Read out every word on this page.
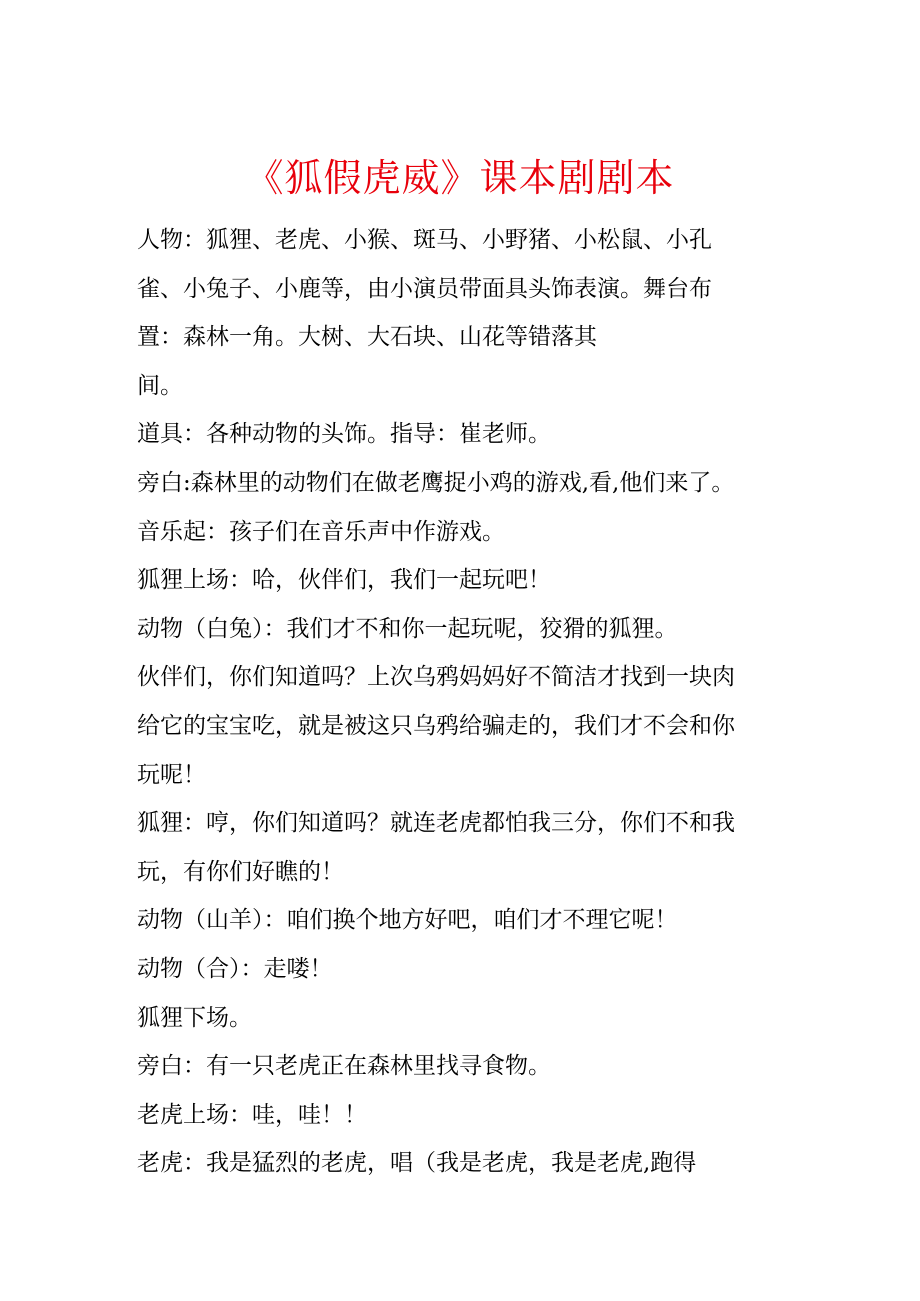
《狐假虎威》课本剧剧本
人物：狐狸、老虎、小猴、斑马、小野猪、小松鼠、小孔
雀、小兔子、小鹿等，由小演员带面具头饰表演。舞台布
置：森林一角。大树、大石块、山花等错落其
间。
道具：各种动物的头饰。指导：崔老师。
旁白:森林里的动物们在做老鹰捉小鸡的游戏,看,他们来了。
音乐起：孩子们在音乐声中作游戏。
狐狸上场：哈，伙伴们，我们一起玩吧！
动物（白兔）：我们才不和你一起玩呢，狡猾的狐狸。
伙伴们，你们知道吗？上次乌鸦妈妈好不简洁才找到一块肉
给它的宝宝吃，就是被这只乌鸦给骗走的，我们才不会和你
玩呢！
狐狸：哼，你们知道吗？就连老虎都怕我三分，你们不和我
玩，有你们好瞧的！
动物（山羊）：咱们换个地方好吧，咱们才不理它呢！
动物（合）：走喽！
狐狸下场。
旁白：有一只老虎正在森林里找寻食物。
老虎上场：哇，哇！！
老虎：我是猛烈的老虎，唱（我是老虎，我是老虎,跑得
